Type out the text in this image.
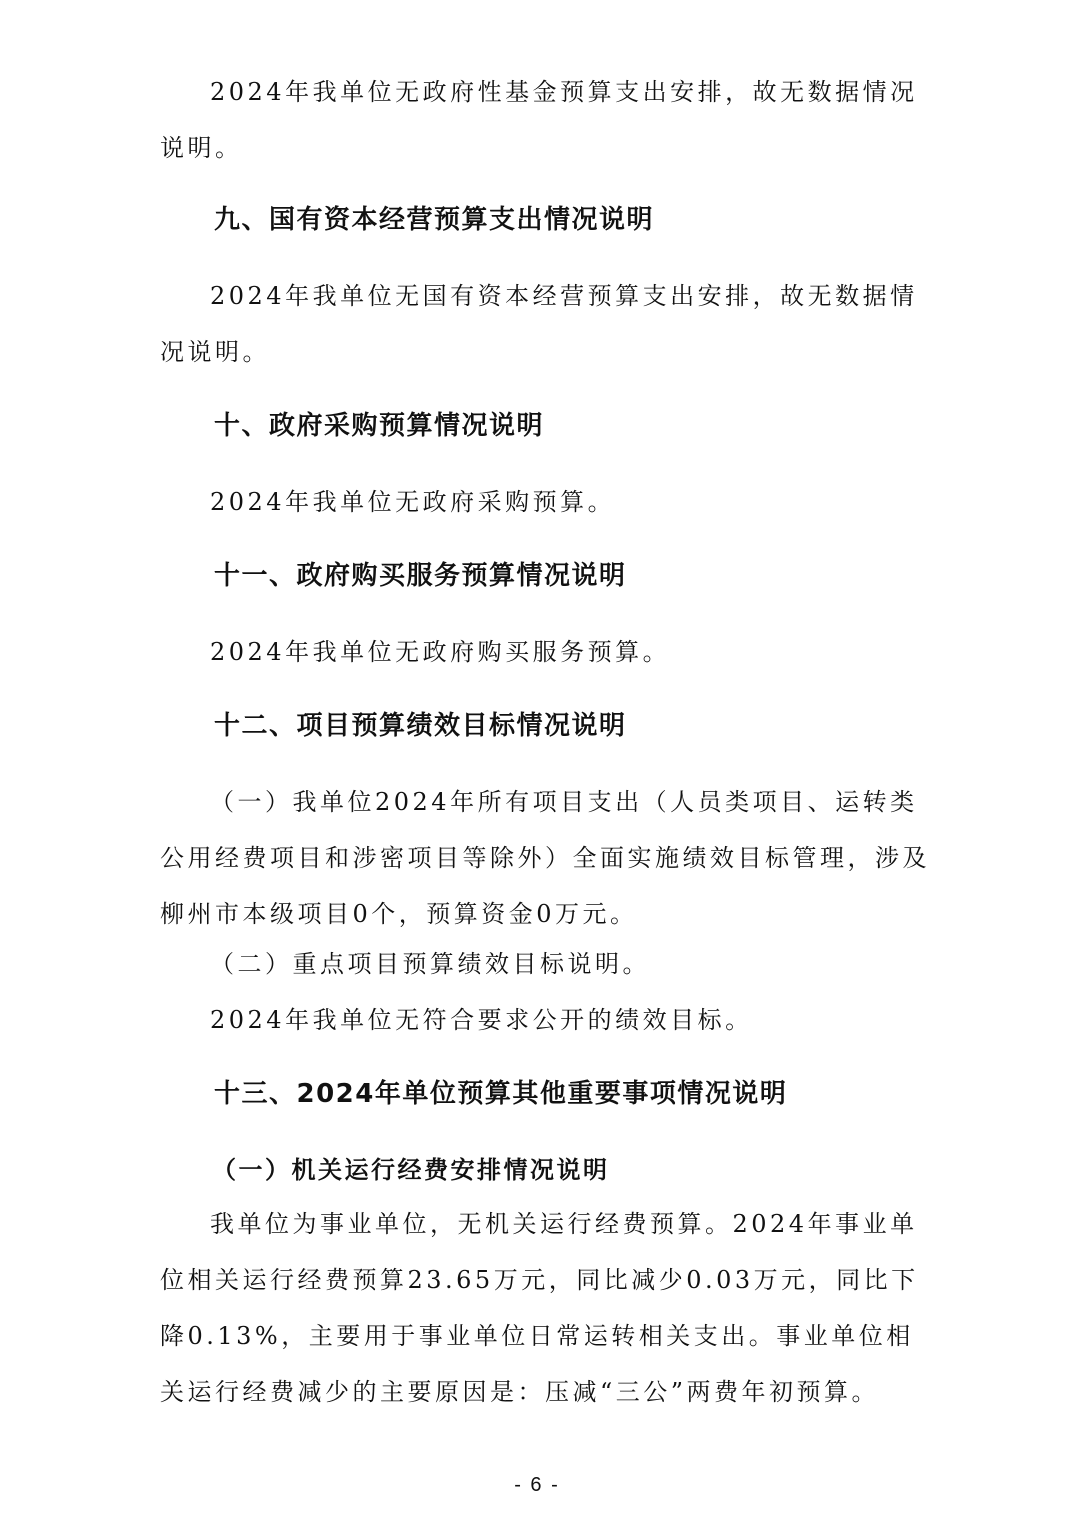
2024年我单位无政府性基金预算支出安排，故无数据情况说明。

九、国有资本经营预算支出情况说明

2024年我单位无国有资本经营预算支出安排，故无数据情况说明。

十、政府采购预算情况说明

2024年我单位无政府采购预算。

十一、政府购买服务预算情况说明

2024年我单位无政府购买服务预算。

十二、项目预算绩效目标情况说明

（一）我单位2024年所有项目支出（人员类项目、运转类公用经费项目和涉密项目等除外）全面实施绩效目标管理，涉及柳州市本级项目0个，预算资金0万元。

（二）重点项目预算绩效目标说明。

2024年我单位无符合要求公开的绩效目标。

十三、2024年单位预算其他重要事项情况说明
（一）机关运行经费安排情况说明

我单位为事业单位，无机关运行经费预算。2024年事业单位相关运行经费预算23.65万元，同比减少0.03万元，同比下降0.13%，主要用于事业单位日常运转相关支出。事业单位相关运行经费减少的主要原因是：压减“三公”两费年初预算。

- 6 -
